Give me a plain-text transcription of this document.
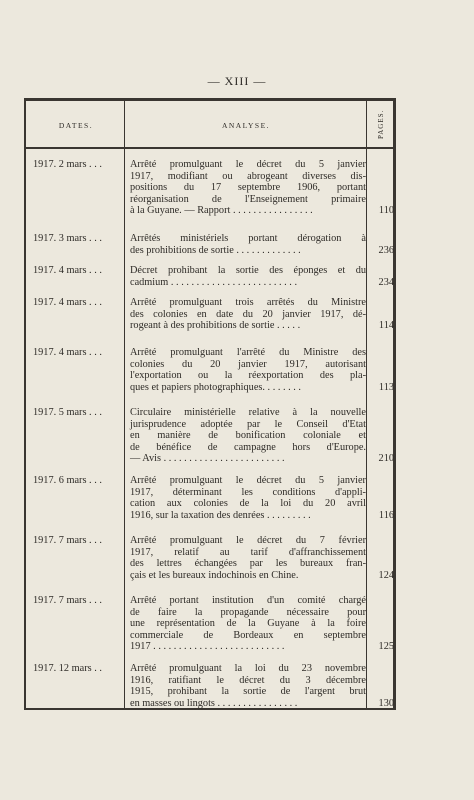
— XIII —
DATES.	ANALYSE.	PAGES.
1917. 2 mars . . .	Arrêté promulguant le décret du 5 janvier
1917, modifiant ou abrogeant diverses dis-
positions du 17 septembre 1906, portant
réorganisation de l'Enseignement primaire
à la Guyane. — Rapport . . . . . . . . . . . . . . . .	110
1917. 3 mars . . .	Arrêtés ministériels portant dérogation à
des prohibitions de sortie . . . . . . . . . . . . .	236
1917. 4 mars . . .	Décret prohibant la sortie des éponges et du
cadmium . . . . . . . . . . . . . . . . . . . . . . . . .	234
1917. 4 mars . . .	Arrêté promulguant trois arrêtés du Ministre
des colonies en date du 20 janvier 1917, dé-
rogeant à des prohibitions de sortie . . . . .	114
1917. 4 mars . . .	Arrêté promulguant l'arrêté du Ministre des
colonies du 20 janvier 1917, autorisant
l'exportation ou la réexportation des pla-
ques et papiers photographiques. . . . . . . .	113
1917. 5 mars . . .	Circulaire ministérielle relative à la nouvelle
jurisprudence adoptée par le Conseil d'Etat
en manière de bonification coloniale et
de bénéfice de campagne hors d'Europe.
— Avis . . . . . . . . . . . . . . . . . . . . . . . .	210
1917. 6 mars . . .	Arrêté promulguant le décret du 5 janvier
1917, déterminant les conditions d'appli-
cation aux colonies de la loi du 20 avril
1916, sur la taxation des denrées . . . . . . . . .	116
1917. 7 mars . . .	Arrêté promulguant le décret du 7 février
1917, relatif au tarif d'affranchissement
des lettres échangées par les bureaux fran-
çais et les bureaux indochinois en Chine.	124
1917. 7 mars . . .	Arrêté portant institution d'un comité chargé
de faire la propagande nécessaire pour
une représentation de la Guyane à la foire
commerciale de Bordeaux en septembre
1917 . . . . . . . . . . . . . . . . . . . . . . . . . .	125
1917. 12 mars . .	Arrêté promulguant la loi du 23 novembre
1916, ratifiant le décret du 3 décembre
1915, prohibant la sortie de l'argent brut
en masses ou lingots . . . . . . . . . . . . . . . .	130
